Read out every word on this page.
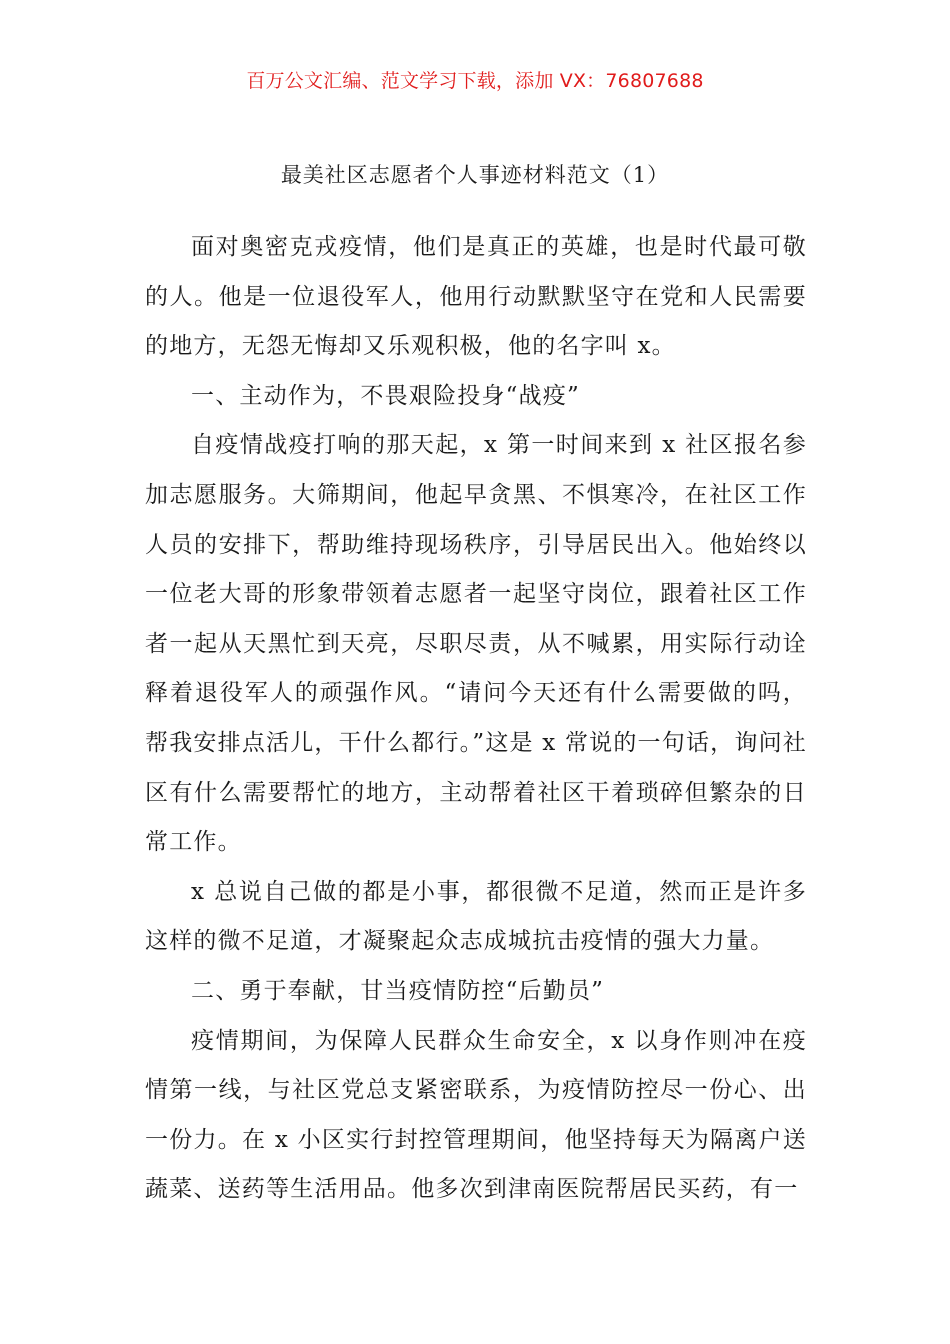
百万公文汇编、范文学习下载，添加 VX：76807688
最美社区志愿者个人事迹材料范文（1）

面对奥密克戎疫情，他们是真正的英雄，也是时代最可敬的人。他是一位退役军人，他用行动默默坚守在党和人民需要的地方，无怨无悔却又乐观积极，他的名字叫 x。

一、主动作为，不畏艰险投身“战疫”

自疫情战疫打响的那天起，x 第一时间来到 x 社区报名参加志愿服务。大筛期间，他起早贪黑、不惧寒冷，在社区工作人员的安排下，帮助维持现场秩序，引导居民出入。他始终以一位老大哥的形象带领着志愿者一起坚守岗位，跟着社区工作者一起从天黑忙到天亮，尽职尽责，从不喊累，用实际行动诠释着退役军人的顽强作风。“请问今天还有什么需要做的吗，帮我安排点活儿，干什么都行。”这是 x 常说的一句话，询问社区有什么需要帮忙的地方，主动帮着社区干着琐碎但繁杂的日常工作。

x 总说自己做的都是小事，都很微不足道，然而正是许多这样的微不足道，才凝聚起众志成城抗击疫情的强大力量。

二、勇于奉献，甘当疫情防控“后勤员”

疫情期间，为保障人民群众生命安全，x 以身作则冲在疫情第一线，与社区党总支紧密联系，为疫情防控尽一份心、出一份力。在 x 小区实行封控管理期间，他坚持每天为隔离户送蔬菜、送药等生活用品。他多次到津南医院帮居民买药，有一
